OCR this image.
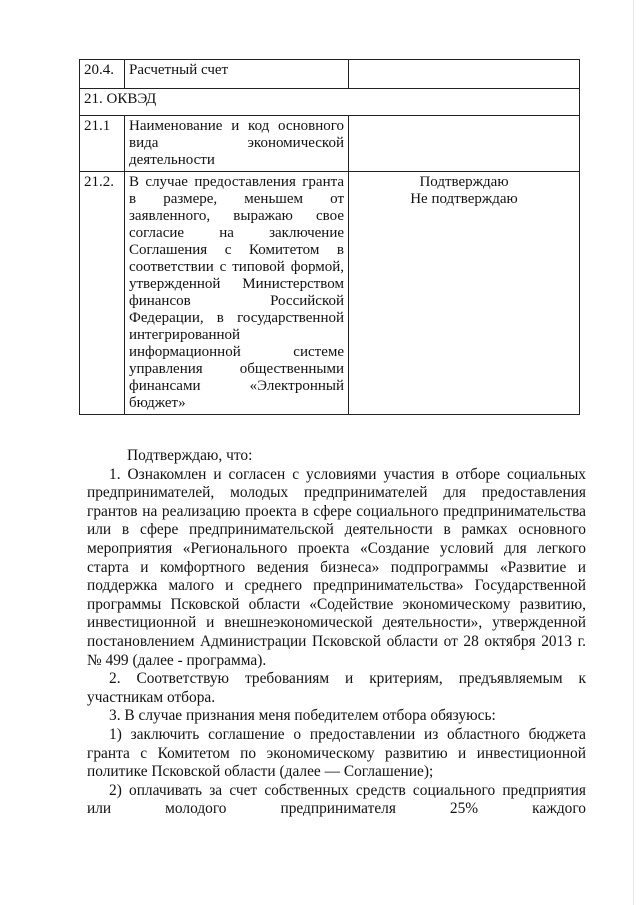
20.4.	Расчетный счет	
21. ОКВЭД		
21.1	Наименование и код основного вида экономической деятельности	
21.2.	В случае предоставления гранта в размере, меньшем от заявленного, выражаю свое согласие на заключение Соглашения с Комитетом в соответствии с типовой формой, утвержденной Министерством финансов Российской Федерации, в государственной интегрированной информационной системе управления общественными финансами «Электронный бюджет»	Подтверждаю
Не подтверждаю

Подтверждаю, что:

1. Ознакомлен и согласен с условиями участия в отборе социальных предпринимателей, молодых предпринимателей для предоставления грантов на реализацию проекта в сфере социального предпринимательства или в сфере предпринимательской деятельности в рамках основного мероприятия «Регионального проекта «Создание условий для легкого старта и комфортного ведения бизнеса» подпрограммы «Развитие и поддержка малого и среднего предпринимательства» Государственной программы Псковской области «Содействие экономическому развитию, инвестиционной и внешнеэкономической деятельности», утвержденной постановлением Администрации Псковской области от 28 октября 2013 г. № 499 (далее - программа).

2. Соответствую требованиям и критериям, предъявляемым к участникам отбора.

3. В случае признания меня победителем отбора обязуюсь:

1) заключить соглашение о предоставлении из областного бюджета гранта с Комитетом по экономическому развитию и инвестиционной политике Псковской области (далее — Соглашение);

2) оплачивать за счет собственных средств социального предприятия или молодого предпринимателя 25% каждого
